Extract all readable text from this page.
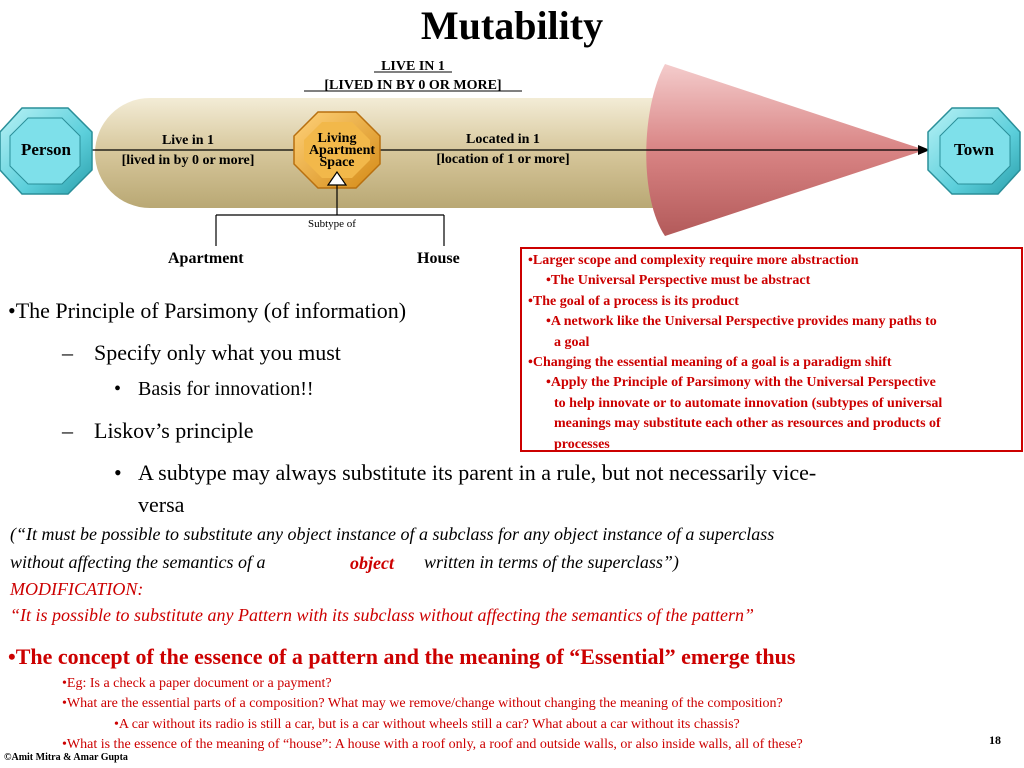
Mutability
LIVE IN 1
[LIVED IN BY 0 OR MORE]
Person	Town
Live in 1
[lived in by 0 or more]
Living
Apartment
Space
Located in 1
[location of 1 or more]
Subtype of
Apartment	House	•Larger scope and complexity require more abstraction
•The Universal Perspective must be abstract
•The goal of a process is its product
•A network like the Universal Perspective provides many paths to
a goal
•Changing the essential meaning of a goal is a paradigm shift
•Apply the Principle of Parsimony with the Universal Perspective
to help innovate or to automate innovation (subtypes of universal
meanings may substitute each other as resources and products of
processes
•The Principle of Parsimony (of information)
– Specify only what you must
• Basis for innovation!!
– Liskov’s principle
• A subtype may always substitute its parent in a rule, but not necessarily vice-
versa
(“It must be possible to substitute any object instance of a subclass for any object instance of a superclass
without affecting the semantics of a	object written in terms of the superclass”)
MODIFICATION:
“It is possible to substitute any Pattern with its subclass without affecting the semantics of the pattern”
•The concept of the essence of a pattern and the meaning of “Essential” emerge thus
•Eg: Is a check a paper document or a payment?
•What are the essential parts of a composition? What may we remove/change without changing the meaning of the composition?
•A car without its radio is still a car, but is a car without wheels still a car? What about a car without its chassis?
•What is the essence of the meaning of “house”: A house with a roof only, a roof and outside walls, or also inside walls, all of these?	18
©Amit Mitra & Amar Gupta
